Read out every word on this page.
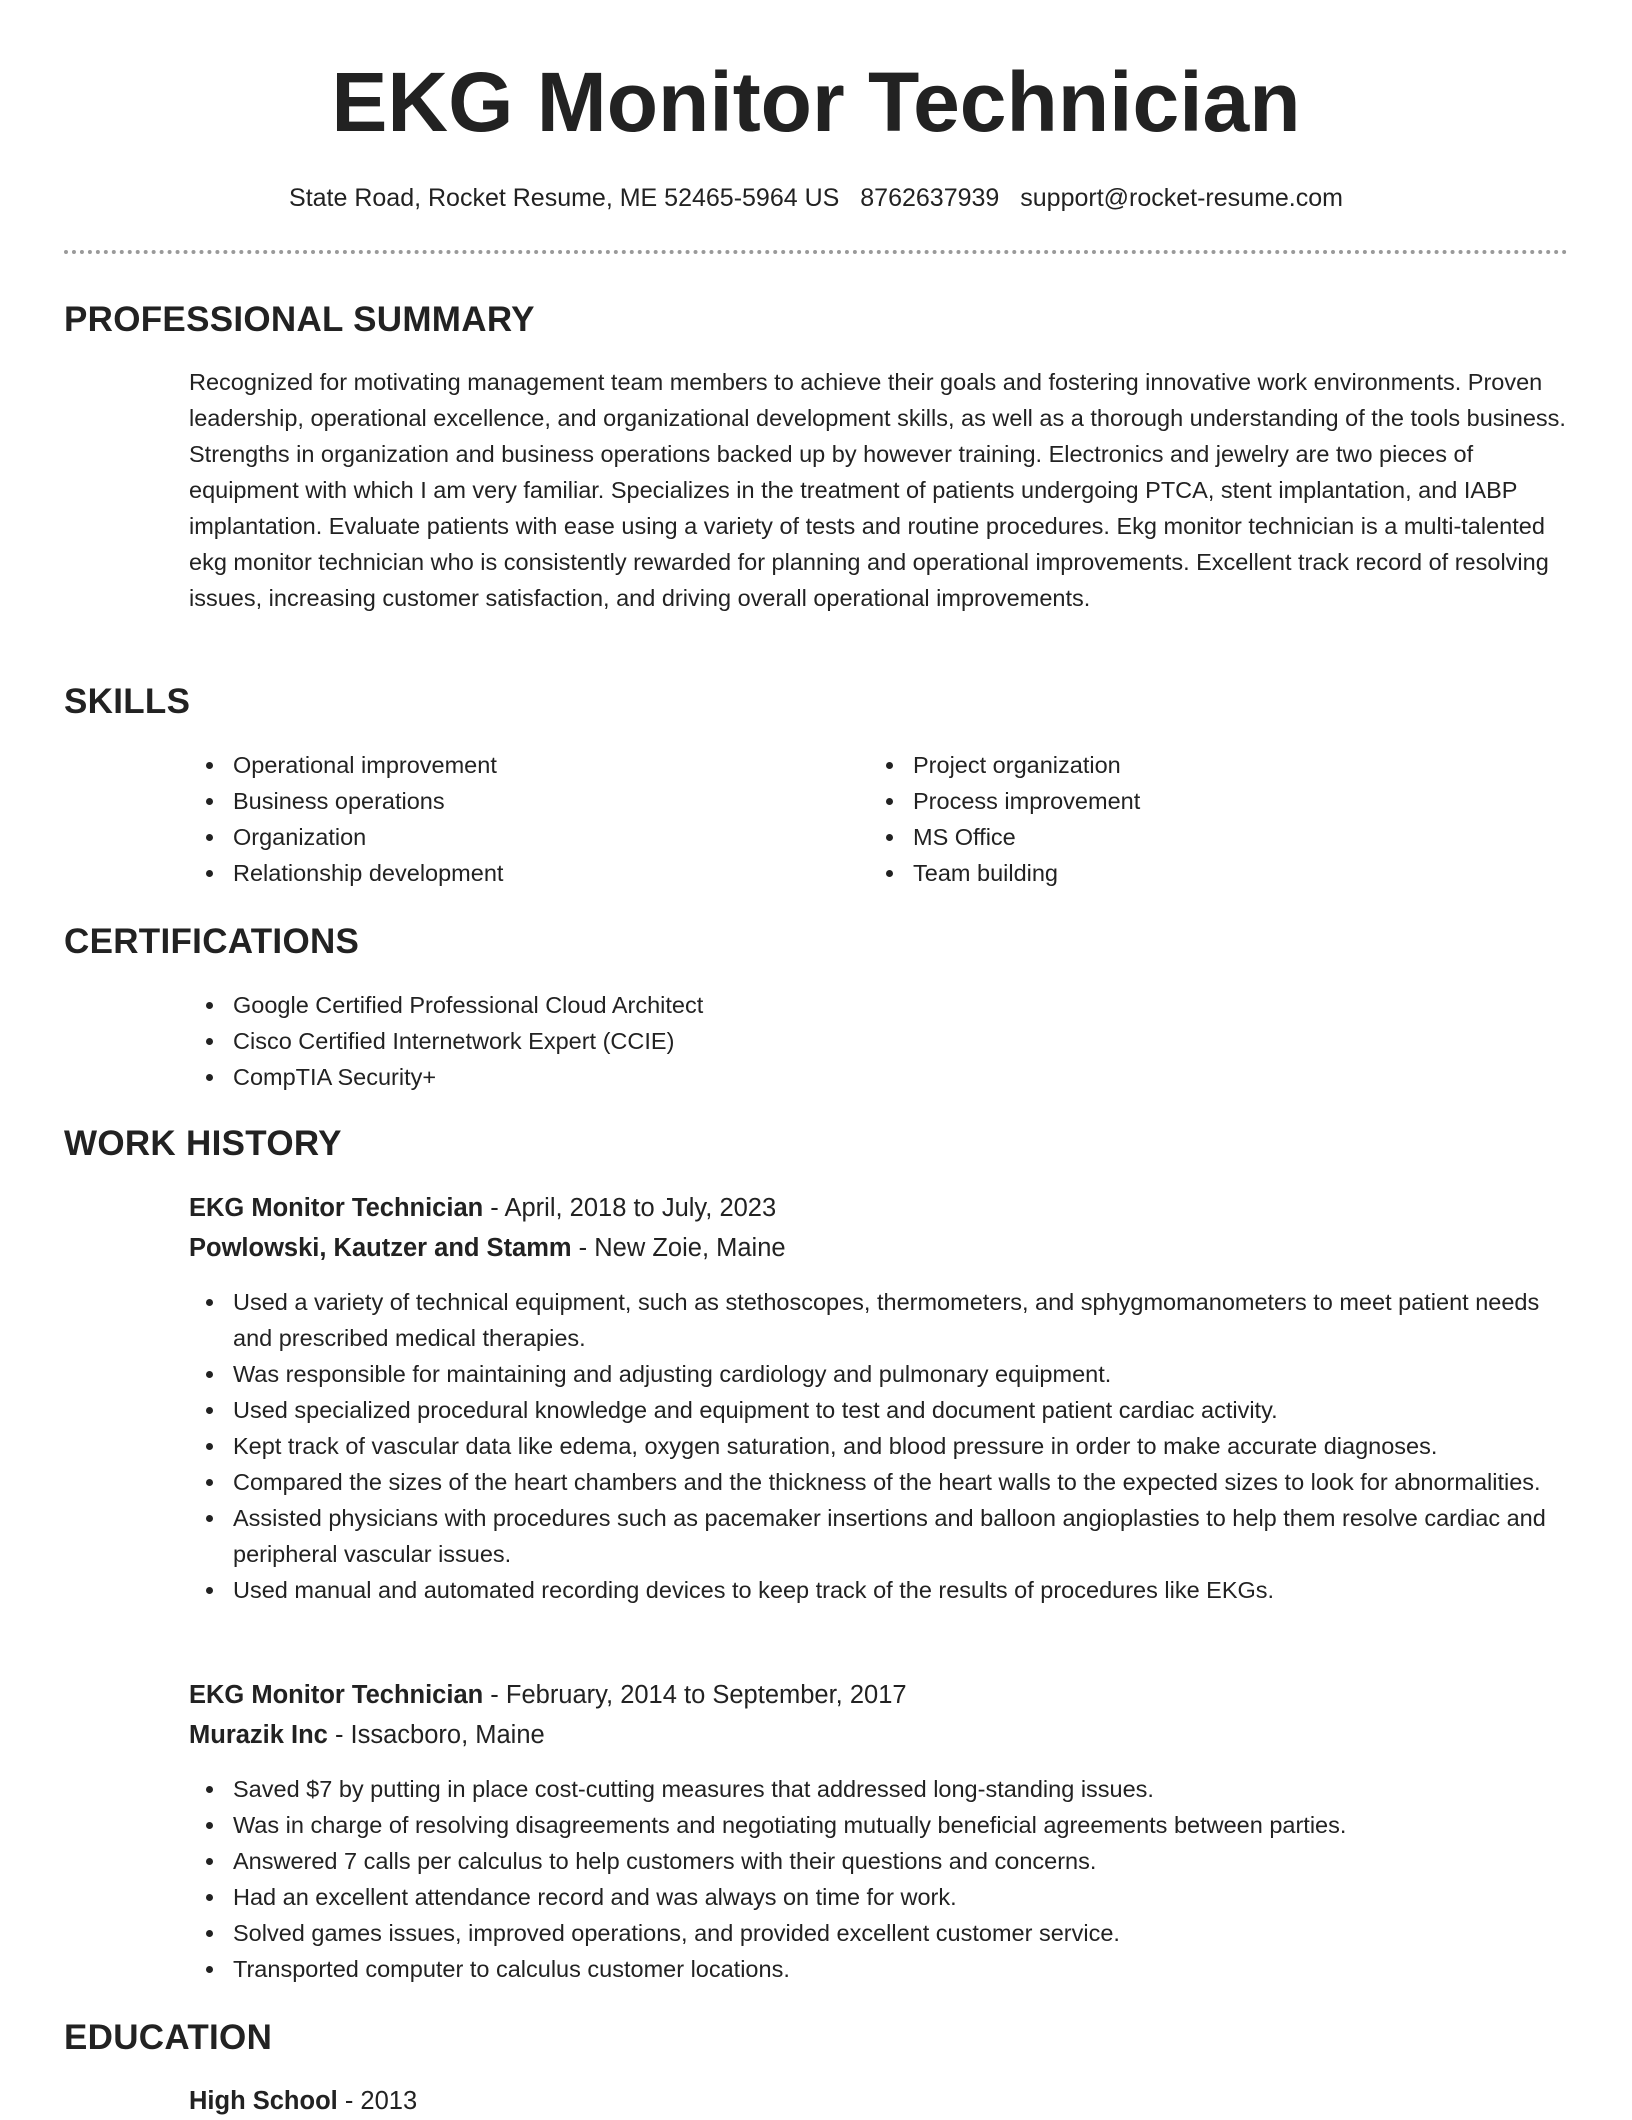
EKG Monitor Technician
State Road, Rocket Resume, ME 52465-5964 US 8762637939 support@rocket-resume.com
PROFESSIONAL SUMMARY
Recognized for motivating management team members to achieve their goals and fostering innovative work environments. Proven leadership, operational excellence, and organizational development skills, as well as a thorough understanding of the tools business. Strengths in organization and business operations backed up by however training. Electronics and jewelry are two pieces of equipment with which I am very familiar. Specializes in the treatment of patients undergoing PTCA, stent implantation, and IABP implantation. Evaluate patients with ease using a variety of tests and routine procedures. Ekg monitor technician is a multi-talented ekg monitor technician who is consistently rewarded for planning and operational improvements. Excellent track record of resolving issues, increasing customer satisfaction, and driving overall operational improvements.
SKILLS
Operational improvement
Business operations
Organization
Relationship development
Project organization
Process improvement
MS Office
Team building
CERTIFICATIONS
Google Certified Professional Cloud Architect
Cisco Certified Internetwork Expert (CCIE)
CompTIA Security+
WORK HISTORY
EKG Monitor Technician - April, 2018 to July, 2023
Powlowski, Kautzer and Stamm - New Zoie, Maine
Used a variety of technical equipment, such as stethoscopes, thermometers, and sphygmomanometers to meet patient needs and prescribed medical therapies.
Was responsible for maintaining and adjusting cardiology and pulmonary equipment.
Used specialized procedural knowledge and equipment to test and document patient cardiac activity.
Kept track of vascular data like edema, oxygen saturation, and blood pressure in order to make accurate diagnoses.
Compared the sizes of the heart chambers and the thickness of the heart walls to the expected sizes to look for abnormalities.
Assisted physicians with procedures such as pacemaker insertions and balloon angioplasties to help them resolve cardiac and peripheral vascular issues.
Used manual and automated recording devices to keep track of the results of procedures like EKGs.
EKG Monitor Technician - February, 2014 to September, 2017
Murazik Inc - Issacboro, Maine
Saved $7 by putting in place cost-cutting measures that addressed long-standing issues.
Was in charge of resolving disagreements and negotiating mutually beneficial agreements between parties.
Answered 7 calls per calculus to help customers with their questions and concerns.
Had an excellent attendance record and was always on time for work.
Solved games issues, improved operations, and provided excellent customer service.
Transported computer to calculus customer locations.
EDUCATION
High School - 2013
